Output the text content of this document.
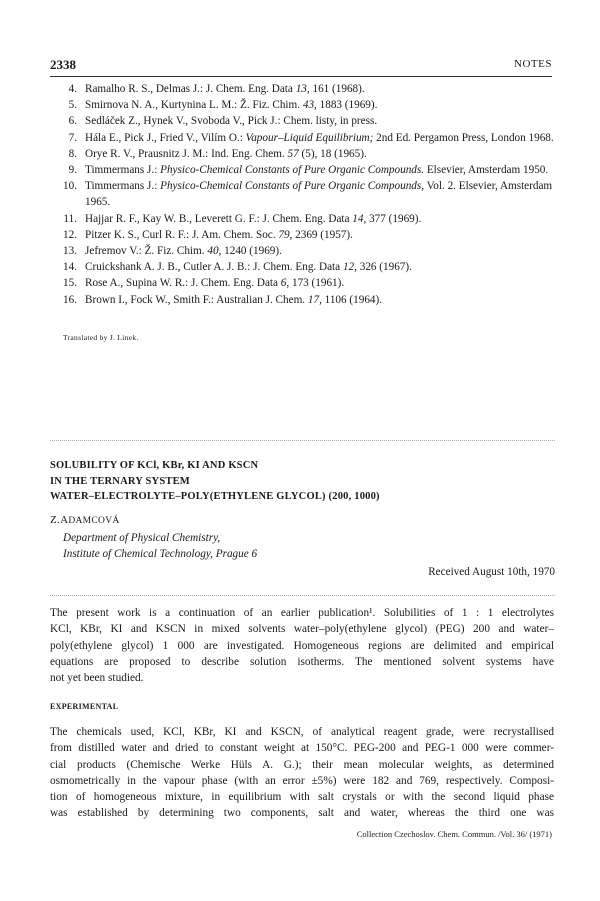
2338	NOTES
4. Ramalho R. S., Delmas J.: J. Chem. Eng. Data 13, 161 (1968).
5. Smirnova N. A., Kurtynina L. M.: Ž. Fiz. Chim. 43, 1883 (1969).
6. Sedláček Z., Hynek V., Svoboda V., Pick J.: Chem. listy, in press.
7. Hála E., Pick J., Fried V., Vilím O.: Vapour–Liquid Equilibrium; 2nd Ed. Pergamon Press, London 1968.
8. Orye R. V., Prausnitz J. M.: Ind. Eng. Chem. 57 (5), 18 (1965).
9. Timmermans J.: Physico-Chemical Constants of Pure Organic Compounds. Elsevier, Amsterdam 1950.
10. Timmermans J.: Physico-Chemical Constants of Pure Organic Compounds, Vol. 2. Elsevier, Amsterdam 1965.
11. Hajjar R. F., Kay W. B., Leverett G. F.: J. Chem. Eng. Data 14, 377 (1969).
12. Pitzer K. S., Curl R. F.: J. Am. Chem. Soc. 79, 2369 (1957).
13. Jefremov V.: Ž. Fiz. Chim. 40, 1240 (1969).
14. Cruickshank A. J. B., Cutler A. J. B.: J. Chem. Eng. Data 12, 326 (1967).
15. Rose A., Supina W. R.: J. Chem. Eng. Data 6, 173 (1961).
16. Brown I., Fock W., Smith F.: Australian J. Chem. 17, 1106 (1964).
Translated by J. Linek.
SOLUBILITY OF KCl, KBr, KI AND KSCN
IN THE TERNARY SYSTEM
WATER–ELECTROLYTE–POLY(ETHYLENE GLYCOL) (200, 1000)
Z.ADAMCOVÁ
Department of Physical Chemistry,
Institute of Chemical Technology, Prague 6
Received August 10th, 1970

The present work is a continuation of an earlier publication¹. Solubilities of 1 : 1 electrolytes
KCl, KBr, KI and KSCN in mixed solvents water–poly(ethylene glycol) (PEG) 200 and water–
poly(ethylene glycol) 1 000 are investigated. Homogeneous regions are delimited and empirical
equations are proposed to describe solution isotherms. The mentioned solvent systems have
not yet been studied.

EXPERIMENTAL

The chemicals used, KCl, KBr, KI and KSCN, of analytical reagent grade, were recrystallised
from distilled water and dried to constant weight at 150°C. PEG-200 and PEG-1 000 were commer-
cial products (Chemische Werke Hüls A. G.); their mean molecular weights, as determined
osmometrically in the vapour phase (with an error ±5%) were 182 and 769, respectively. Composi-
tion of homogeneous mixture, in equilibrium with salt crystals or with the second liquid phase
was established by determining two components, salt and water, whereas the third one was

Collection Czechoslov. Chem. Commun. /Vol. 36/ (1971)
